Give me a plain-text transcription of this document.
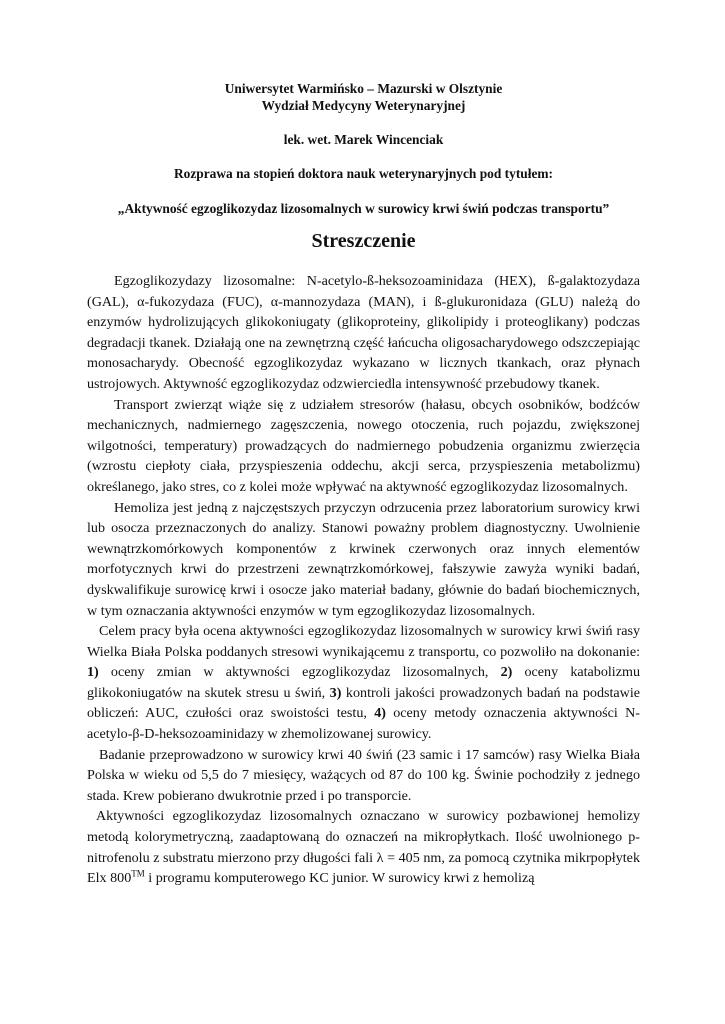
Uniwersytet Warmińsko – Mazurski w Olsztynie
Wydział Medycyny Weterynaryjnej
lek. wet. Marek Wincenciak
Rozprawa na stopień doktora nauk weterynaryjnych pod tytułem:
„Aktywność egzoglikozydaz lizosomalnych w surowicy krwi świń podczas transportu”
Streszczenie

Egzoglikozydazy lizosomalne: N-acetylo-ß-heksozoaminidaza (HEX), ß-galaktozydaza (GAL), α-fukozydaza (FUC), α-mannozydaza (MAN), i ß-glukuronidaza (GLU) należą do enzymów hydrolizujących glikokoniugaty (glikoproteiny, glikolipidy i proteoglikany) podczas degradacji tkanek. Działają one na zewnętrzną część łańcucha oligosacharydowego odszczepiając monosacharydy. Obecność egzoglikozydaz wykazano w licznych tkankach, oraz płynach ustrojowych. Aktywność egzoglikozydaz odzwierciedla intensywność przebudowy tkanek.

Transport zwierząt wiąże się z udziałem stresorów (hałasu, obcych osobników, bodźców mechanicznych, nadmiernego zagęszczenia, nowego otoczenia, ruch pojazdu, zwiększonej wilgotności, temperatury) prowadzących do nadmiernego pobudzenia organizmu zwierzęcia (wzrostu ciepłoty ciała, przyspieszenia oddechu, akcji serca, przyspieszenia metabolizmu) określanego, jako stres, co z kolei może wpływać na aktywność egzoglikozydaz lizosomalnych.

Hemoliza jest jedną z najczęstszych przyczyn odrzucenia przez laboratorium surowicy krwi lub osocza przeznaczonych do analizy. Stanowi poważny problem diagnostyczny. Uwolnienie wewnątrzkomórkowych komponentów z krwinek czerwonych oraz innych elementów morfotycznych krwi do przestrzeni zewnątrzkomórkowej, fałszywie zawyża wyniki badań, dyskwalifikuje surowicę krwi i osocze jako materiał badany, głównie do badań biochemicznych, w tym oznaczania aktywności enzymów w tym egzoglikozydaz lizosomalnych.

Celem pracy była ocena aktywności egzoglikozydaz lizosomalnych w surowicy krwi świń rasy Wielka Biała Polska poddanych stresowi wynikającemu z transportu, co pozwoliło na dokonanie: 1) oceny zmian w aktywności egzoglikozydaz lizosomalnych, 2) oceny katabolizmu glikokoniugatów na skutek stresu u świń, 3) kontroli jakości prowadzonych badań na podstawie obliczeń: AUC, czułości oraz swoistości testu, 4) oceny metody oznaczenia aktywności N-acetylo-β-D-heksozoaminidazy w zhemolizowanej surowicy.

Badanie przeprowadzono w surowicy krwi 40 świń (23 samic i 17 samców) rasy Wielka Biała Polska w wieku od 5,5 do 7 miesięcy, ważących od 87 do 100 kg. Świnie pochodziły z jednego stada. Krew pobierano dwukrotnie przed i po transporcie.

Aktywności egzoglikozydaz lizosomalnych oznaczano w surowicy pozbawionej hemolizy metodą kolorymetryczną, zaadaptowaną do oznaczeń na mikropłytkach. Ilość uwolnionego p-nitrofenolu z substratu mierzono przy długości fali λ = 405 nm, za pomocą czytnika mikrpopłytek Elx 800™ i programu komputerowego KC junior. W surowicy krwi z hemolizą
